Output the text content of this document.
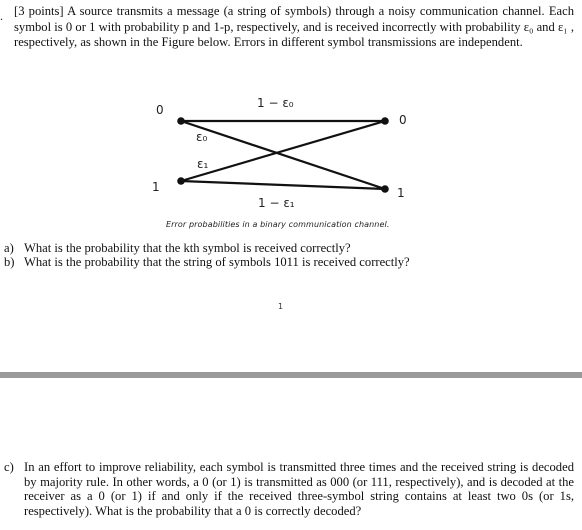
. [3 points] A source transmits a message (a string of symbols) through a noisy communication channel. Each symbol is 0 or 1 with probability p and 1-p, respectively, and is received incorrectly with probability ε₀ and ε₁ , respectively, as shown in the Figure below. Errors in different symbol transmissions are independent.

0
1
0
1
1 − ε₀
1 − ε₁
ε₀
ε₁
Error probabilities in a binary communication channel.
a) What is the probability that the kth symbol is received correctly?
b) What is the probability that the string of symbols 1011 is received correctly?
1
c) In an effort to improve reliability, each symbol is transmitted three times and the received string is decoded by majority rule. In other words, a 0 (or 1) is transmitted as 000 (or 111, respectively), and is decoded at the receiver as a 0 (or 1) if and only if the received three-symbol string contains at least two 0s (or 1s, respectively). What is the probability that a 0 is correctly decoded?
